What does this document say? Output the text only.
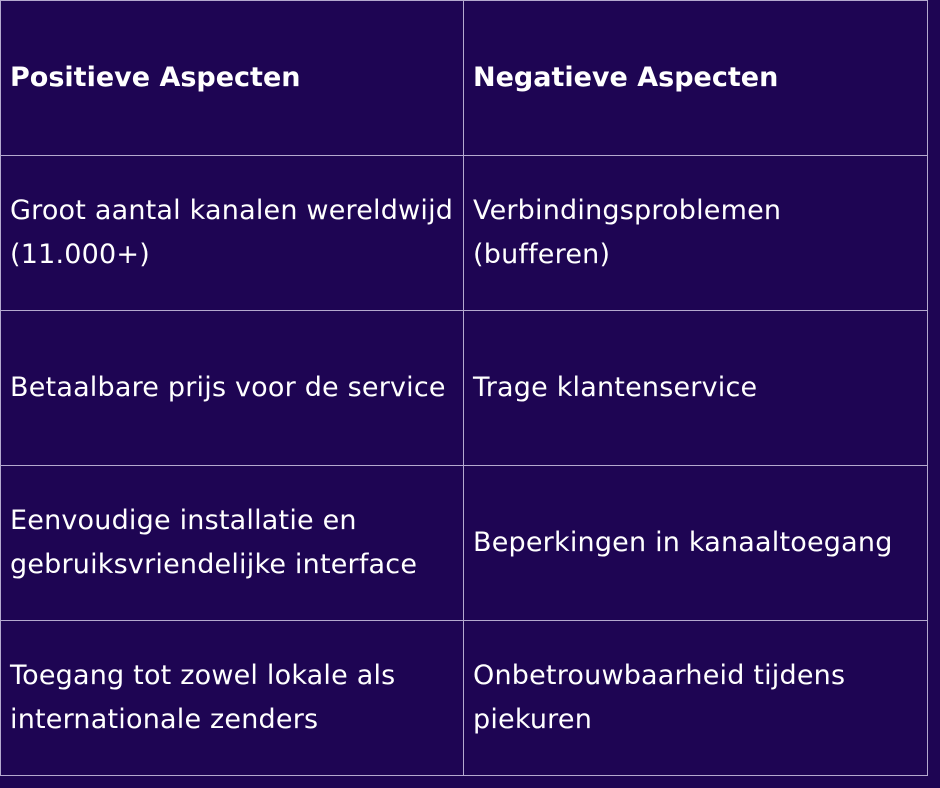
Positieve Aspecten	Negatieve Aspecten
Groot aantal kanalen wereldwijd (11.000+)	Verbindingsproblemen (bufferen)
Betaalbare prijs voor de service	Trage klantenservice
Eenvoudige installatie en gebruiksvriendelijke interface	Beperkingen in kanaaltoegang
Toegang tot zowel lokale als internationale zenders	Onbetrouwbaarheid tijdens piekuren
